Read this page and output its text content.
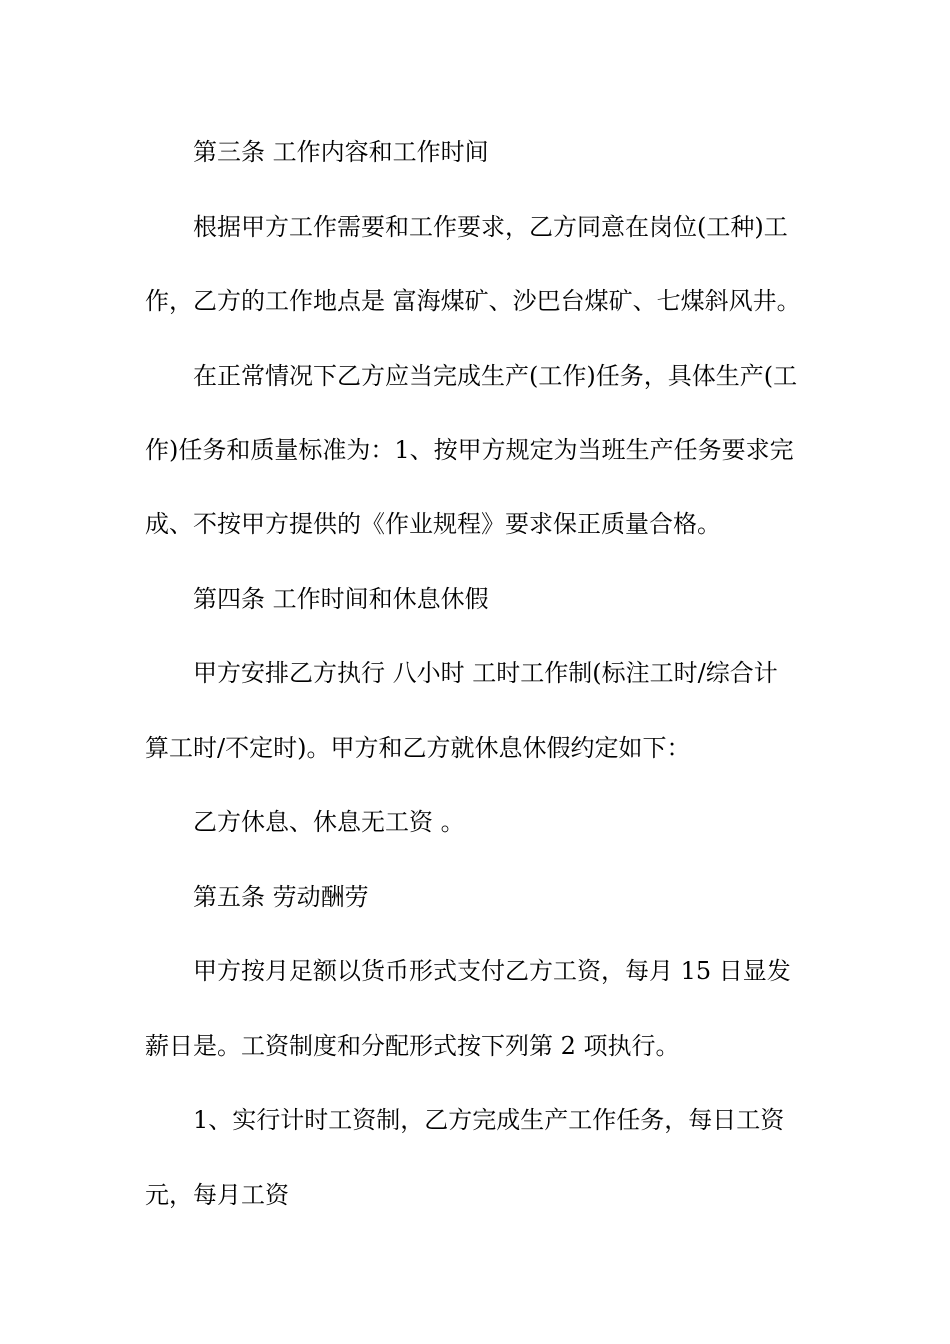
第三条 工作内容和工作时间
根据甲方工作需要和工作要求，乙方同意在岗位(工种)工
作，乙方的工作地点是 富海煤矿、沙巴台煤矿、七煤斜风井。
在正常情况下乙方应当完成生产(工作)任务，具体生产(工
作)任务和质量标准为：1、按甲方规定为当班生产任务要求完
成、不按甲方提供的《作业规程》要求保正质量合格。
第四条 工作时间和休息休假
甲方安排乙方执行 八小时 工时工作制(标注工时/综合计
算工时/不定时)。甲方和乙方就休息休假约定如下：
乙方休息、休息无工资 。
第五条 劳动酬劳
甲方按月足额以货币形式支付乙方工资，每月 15 日显发
薪日是。工资制度和分配形式按下列第 2 项执行。
1、实行计时工资制，乙方完成生产工作任务，每日工资
元，每月工资
